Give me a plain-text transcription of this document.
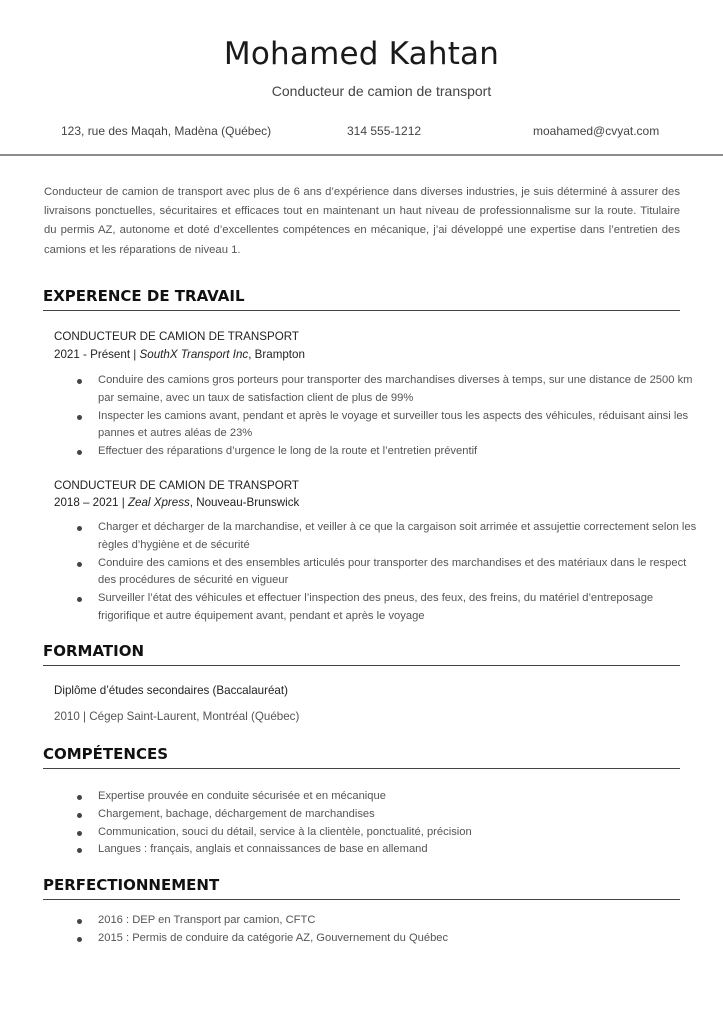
Mohamed Kahtan
Conducteur de camion de transport
123, rue des Maqah, Madèna (Québec)	314 555-1212	moahamed@cvyat.com

Conducteur de camion de transport avec plus de 6 ans d’expérience dans diverses industries, je suis déterminé à assurer des livraisons ponctuelles, sécuritaires et efficaces tout en maintenant un haut niveau de professionnalisme sur la route. Titulaire du permis AZ, autonome et doté d’excellentes compétences en mécanique, j’ai développé une expertise dans l’entretien des camions et les réparations de niveau 1.

EXPERENCE DE TRAVAIL
CONDUCTEUR DE CAMION DE TRANSPORT
2021 - Présent | SouthX Transport Inc, Brampton
Conduire des camions gros porteurs pour transporter des marchandises diverses à temps, sur une distance de 2500 km par semaine, avec un taux de satisfaction client de plus de 99%
Inspecter les camions avant, pendant et après le voyage et surveiller tous les aspects des véhicules, réduisant ainsi les pannes et autres aléas de 23%
Effectuer des réparations d’urgence le long de la route et l’entretien préventif
CONDUCTEUR DE CAMION DE TRANSPORT
2018 – 2021 | Zeal Xpress, Nouveau-Brunswick
Charger et décharger de la marchandise, et veiller à ce que la cargaison soit arrimée et assujettie correctement selon les règles d’hygiène et de sécurité
Conduire des camions et des ensembles articulés pour transporter des marchandises et des matériaux dans le respect des procédures de sécurité en vigueur
Surveiller l’état des véhicules et effectuer l’inspection des pneus, des feux, des freins, du matériel d’entreposage frigorifique et autre équipement avant, pendant et après le voyage
FORMATION
Diplôme d’études secondaires (Baccalauréat)
2010 | Cégep Saint-Laurent, Montréal (Québec)
COMPÉTENCES
Expertise prouvée en conduite sécurisée et en mécanique
Chargement, bachage, déchargement de marchandises
Communication, souci du détail, service à la clientèle, ponctualité, précision
Langues : français, anglais et connaissances de base en allemand
PERFECTIONNEMENT
2016 : DEP en Transport par camion, CFTC
2015 : Permis de conduire da catégorie AZ, Gouvernement du Québec
